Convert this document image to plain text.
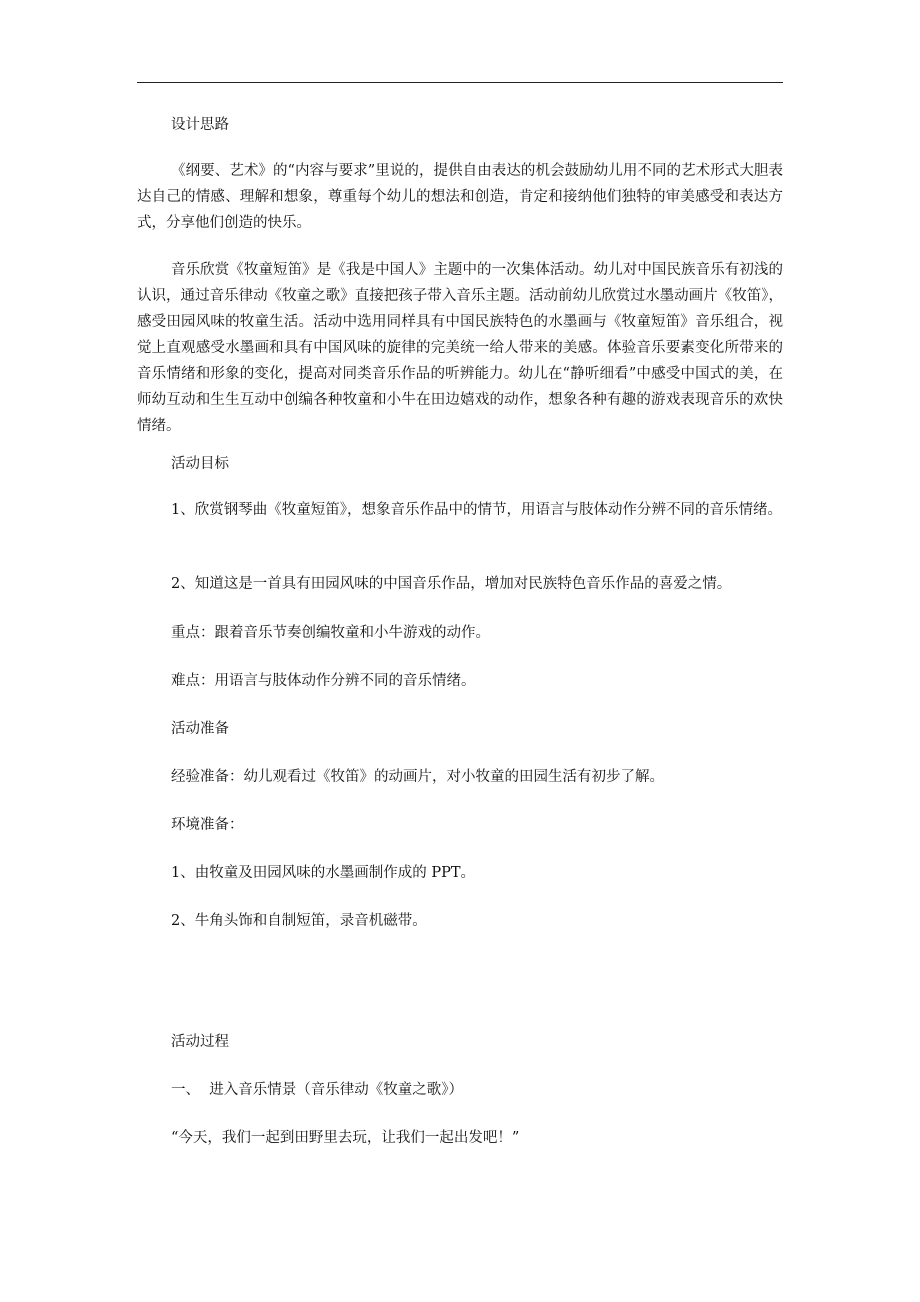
设计思路
《纲要、艺术》的“内容与要求”里说的，提供自由表达的机会鼓励幼儿用不同的艺术形式大胆表达自己的情感、理解和想象，尊重每个幼儿的想法和创造，肯定和接纳他们独特的审美感受和表达方式，分享他们创造的快乐。
音乐欣赏《牧童短笛》是《我是中国人》主题中的一次集体活动。幼儿对中国民族音乐有初浅的认识，通过音乐律动《牧童之歌》直接把孩子带入音乐主题。活动前幼儿欣赏过水墨动画片《牧笛》，感受田园风味的牧童生活。活动中选用同样具有中国民族特色的水墨画与《牧童短笛》音乐组合，视觉上直观感受水墨画和具有中国风味的旋律的完美统一给人带来的美感。体验音乐要素变化所带来的音乐情绪和形象的变化，提高对同类音乐作品的听辨能力。幼儿在“静听细看”中感受中国式的美，在师幼互动和生生互动中创编各种牧童和小牛在田边嬉戏的动作，想象各种有趣的游戏表现音乐的欢快情绪。
活动目标
1、欣赏钢琴曲《牧童短笛》，想象音乐作品中的情节，用语言与肢体动作分辨不同的音乐情绪。
2、知道这是一首具有田园风味的中国音乐作品，增加对民族特色音乐作品的喜爱之情。
重点：跟着音乐节奏创编牧童和小牛游戏的动作。
难点：用语言与肢体动作分辨不同的音乐情绪。
活动准备
经验准备：幼儿观看过《牧笛》的动画片，对小牧童的田园生活有初步了解。
环境准备：
1、由牧童及田园风味的水墨画制作成的 PPT。
2、牛角头饰和自制短笛，录音机磁带。
活动过程
一、  进入音乐情景（音乐律动《牧童之歌》）
“今天，我们一起到田野里去玩，让我们一起出发吧！”
